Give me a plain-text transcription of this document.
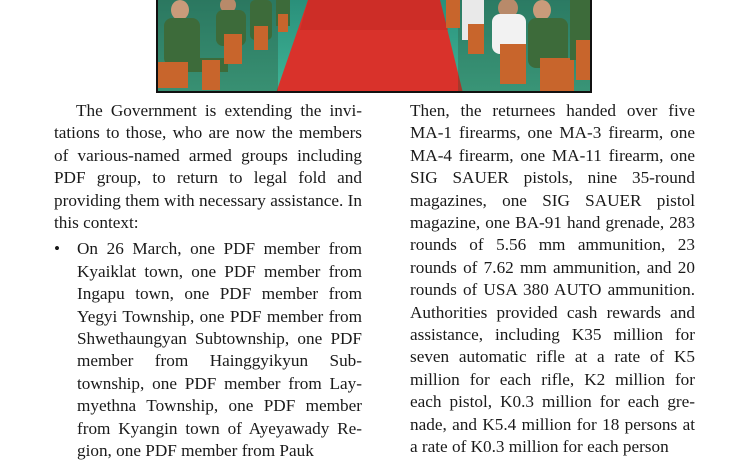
The Government is extending the invitations to those, who are now the members of various-named armed groups including PDF group, to return to legal fold and providing them with necessary assistance. In this context:

• On 26 March, one PDF member from Kyaiklat town, one PDF member from Ingapu town, one PDF member from Yegyi Township, one PDF member from Shwethaungyan Subtownship, one PDF member from Hainggyikyun Subtownship, one PDF member from Laymyethna Township, one PDF member from Kyangin town of Ayeyawady Region, one PDF member from Pauk

Then, the returnees handed over five MA-1 firearms, one MA-3 firearm, one MA-4 firearm, one MA-11 firearm, one SIG SAUER pistols, nine 35-round magazines, one SIG SAUER pistol magazine, one BA-91 hand grenade, 283 rounds of 5.56 mm ammunition, 23 rounds of 7.62 mm ammunition, and 20 rounds of USA 380 AUTO ammunition. Authorities provided cash rewards and assistance, including K35 million for seven automatic rifle at a rate of K5 million for each rifle, K2 million for each pistol, K0.3 million for each grenade, and K5.4 million for 18 persons at a rate of K0.3 million for each person
